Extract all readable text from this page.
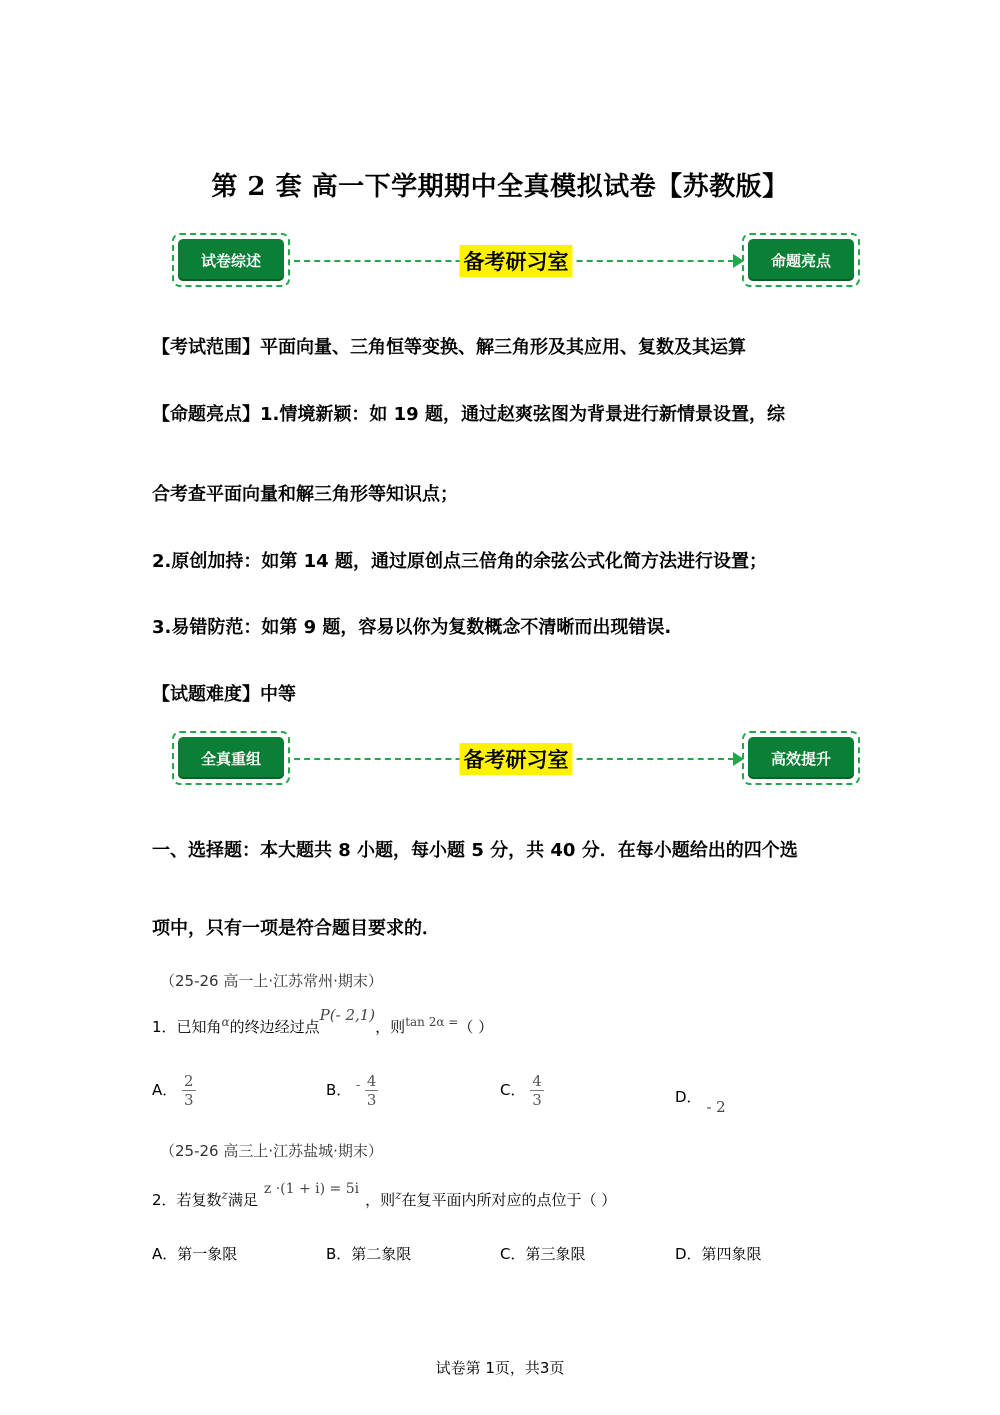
第 2 套 高一下学期期中全真模拟试卷【苏教版】
试卷综述	备考研习室	命题亮点
【考试范围】平面向量、三角恒等变换、解三角形及其应用、复数及其运算
【命题亮点】1.情境新颖：如 19 题，通过赵爽弦图为背景进行新情景设置，综
合考查平面向量和解三角形等知识点；
2.原创加持：如第 14 题，通过原创点三倍角的余弦公式化简方法进行设置；
3.易错防范：如第 9 题，容易以你为复数概念不清晰而出现错误.
【试题难度】中等
全真重组	备考研习室	高效提升
一、选择题：本大题共 8 小题，每小题 5 分，共 40 分．在每小题给出的四个选
项中，只有一项是符合题目要求的．
（25-26 高一上·江苏常州·期末）
1．已知角$^\alpha$的终边经过点$^{P(- 2,1)}$，则$^{tan 2\alpha =}$（ ）
A． $\frac{2}{3}$	B． $^- \frac{4}{3}$	C． $\frac{4}{3}$	D． - 2
（25-26 高三上·江苏盐城·期末）
2．若复数$^z$满足$^{z \cdot(1 + i) = 5i}$，则$^z$在复平面内所对应的点位于（ ）
A．第一象限	B．第二象限	C．第三象限	D．第四象限
试卷第 1页，共3页
